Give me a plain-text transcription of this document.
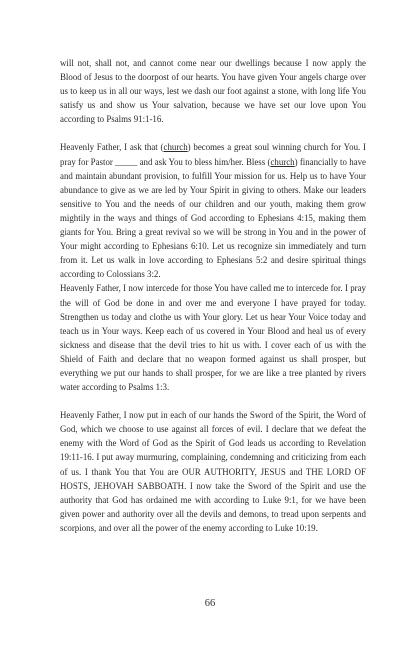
will not, shall not, and cannot come near our dwellings because I now apply the Blood of Jesus to the doorpost of our hearts. You have given Your angels charge over us to keep us in all our ways, lest we dash our foot against a stone, with long life You satisfy us and show us Your salvation, because we have set our love upon You according to Psalms 91:1-16.

Heavenly Father, I ask that (church) becomes a great soul winning church for You. I pray for Pastor _____ and ask You to bless him/her. Bless (church) financially to have and maintain abundant provision, to fulfill Your mission for us. Help us to have Your abundance to give as we are led by Your Spirit in giving to others. Make our leaders sensitive to You and the needs of our children and our youth, making them grow mightily in the ways and things of God according to Ephesians 4:15, making them giants for You. Bring a great revival so we will be strong in You and in the power of Your might according to Ephesians 6:10. Let us recognize sin immediately and turn from it. Let us walk in love according to Ephesians 5:2 and desire spiritual things according to Colossians 3:2.

Heavenly Father, I now intercede for those You have called me to intercede for. I pray the will of God be done in and over me and everyone I have prayed for today. Strengthen us today and clothe us with Your glory. Let us hear Your Voice today and teach us in Your ways. Keep each of us covered in Your Blood and heal us of every sickness and disease that the devil tries to hit us with. I cover each of us with the Shield of Faith and declare that no weapon formed against us shall prosper, but everything we put our hands to shall prosper, for we are like a tree planted by rivers water according to Psalms 1:3.

Heavenly Father, I now put in each of our hands the Sword of the Spirit, the Word of God, which we choose to use against all forces of evil. I declare that we defeat the enemy with the Word of God as the Spirit of God leads us according to Revelation 19:11-16. I put away murmuring, complaining, condemning and criticizing from each of us. I thank You that You are OUR AUTHORITY, JESUS and THE LORD OF HOSTS, JEHOVAH SABBOATH. I now take the Sword of the Spirit and use the authority that God has ordained me with according to Luke 9:1, for we have been given power and authority over all the devils and demons, to tread upon serpents and scorpions, and over all the power of the enemy according to Luke 10:19.

66
